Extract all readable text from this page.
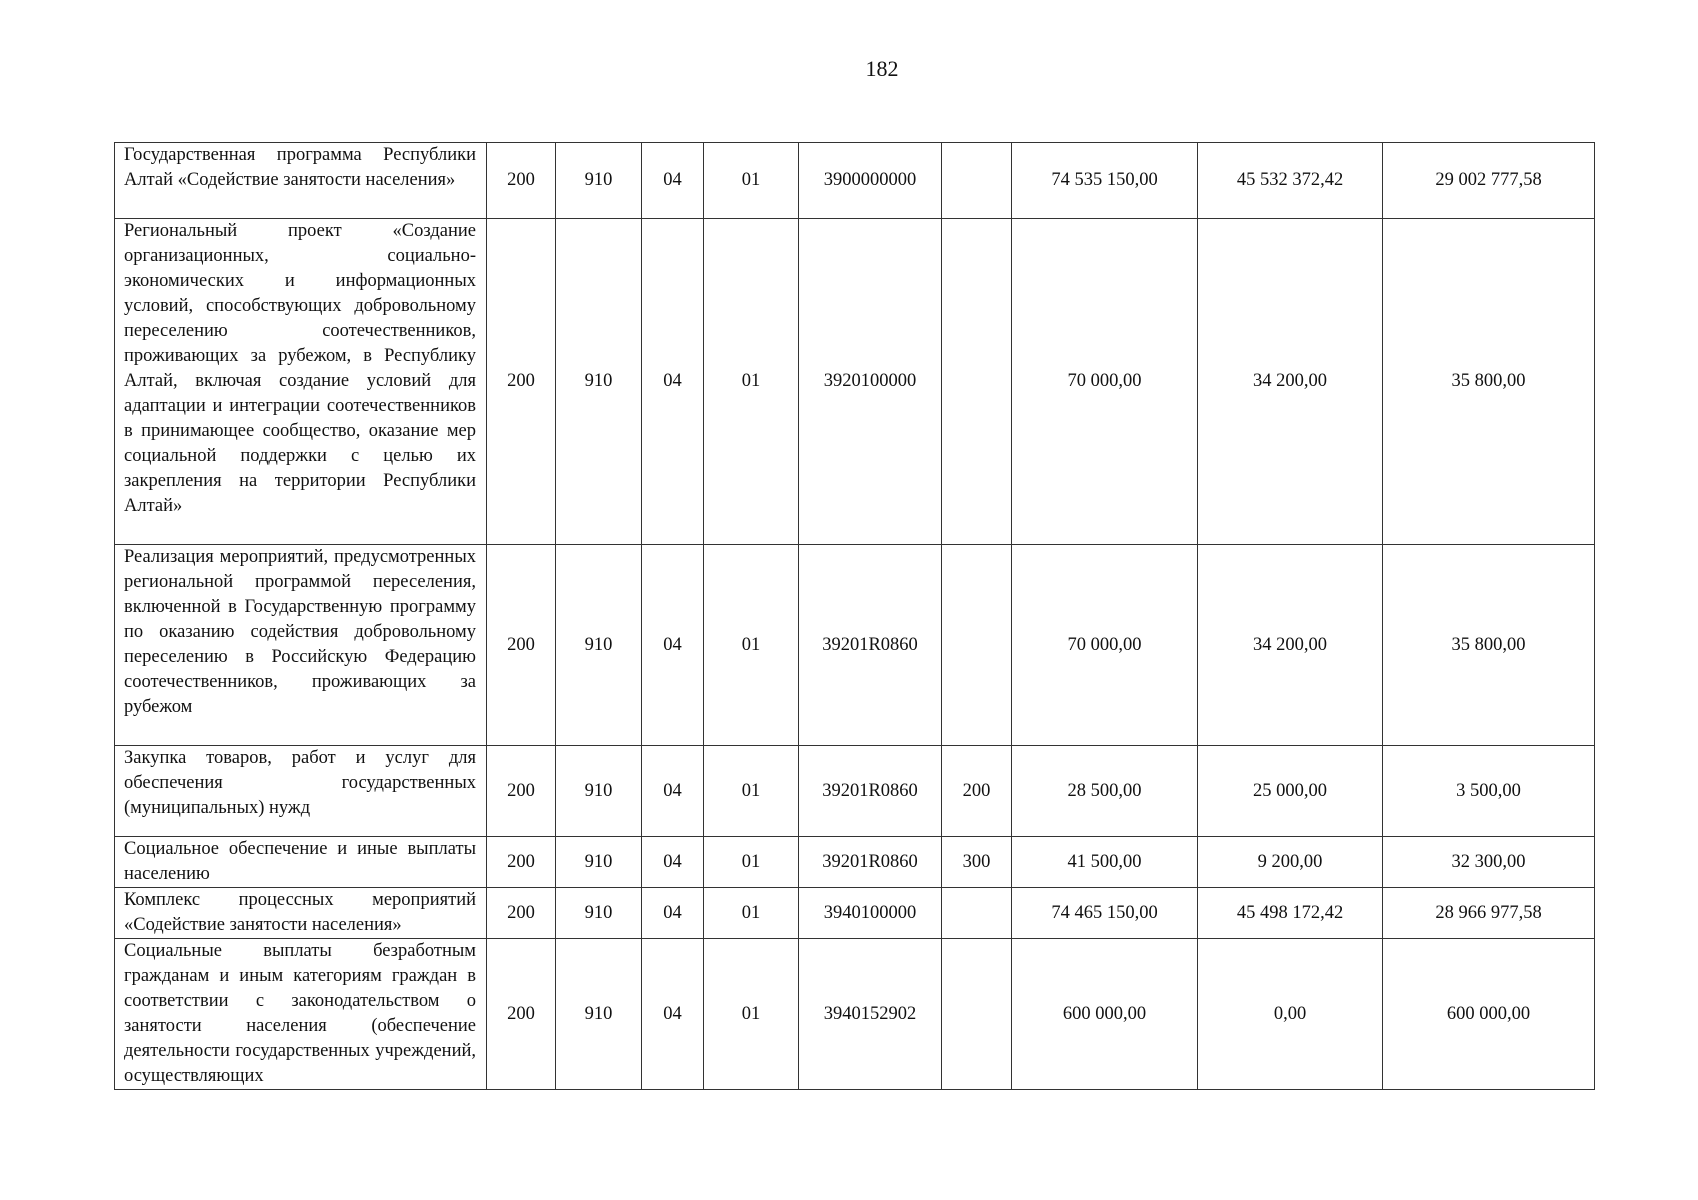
182
Государственная программа Республики Алтай «Содействие занятости населения»	200	910	04	01	3900000000		74 535 150,00	45 532 372,42	29 002 777,58
Региональный проект «Создание организационных, социально-экономических и информационных условий, способствующих добровольному переселению соотечественников, проживающих за рубежом, в Республику Алтай, включая создание условий для адаптации и интеграции соотечественников в принимающее сообщество, оказание мер социальной поддержки с целью их закрепления на территории Республики Алтай»	200	910	04	01	3920100000		70 000,00	34 200,00	35 800,00
Реализация мероприятий, предусмотренных региональной программой переселения, включенной в Государственную программу по оказанию содействия добровольному переселению в Российскую Федерацию соотечественников, проживающих за рубежом	200	910	04	01	39201R0860		70 000,00	34 200,00	35 800,00
Закупка товаров, работ и услуг для обеспечения государственных (муниципальных) нужд	200	910	04	01	39201R0860	200	28 500,00	25 000,00	3 500,00
Социальное обеспечение и иные выплаты населению	200	910	04	01	39201R0860	300	41 500,00	9 200,00	32 300,00
Комплекс процессных мероприятий «Содействие занятости населения»	200	910	04	01	3940100000		74 465 150,00	45 498 172,42	28 966 977,58
Социальные выплаты безработным гражданам и иным категориям граждан в соответствии с законодательством о занятости населения (обеспечение деятельности государственных учреждений, осуществляющих	200	910	04	01	3940152902		600 000,00	0,00	600 000,00
